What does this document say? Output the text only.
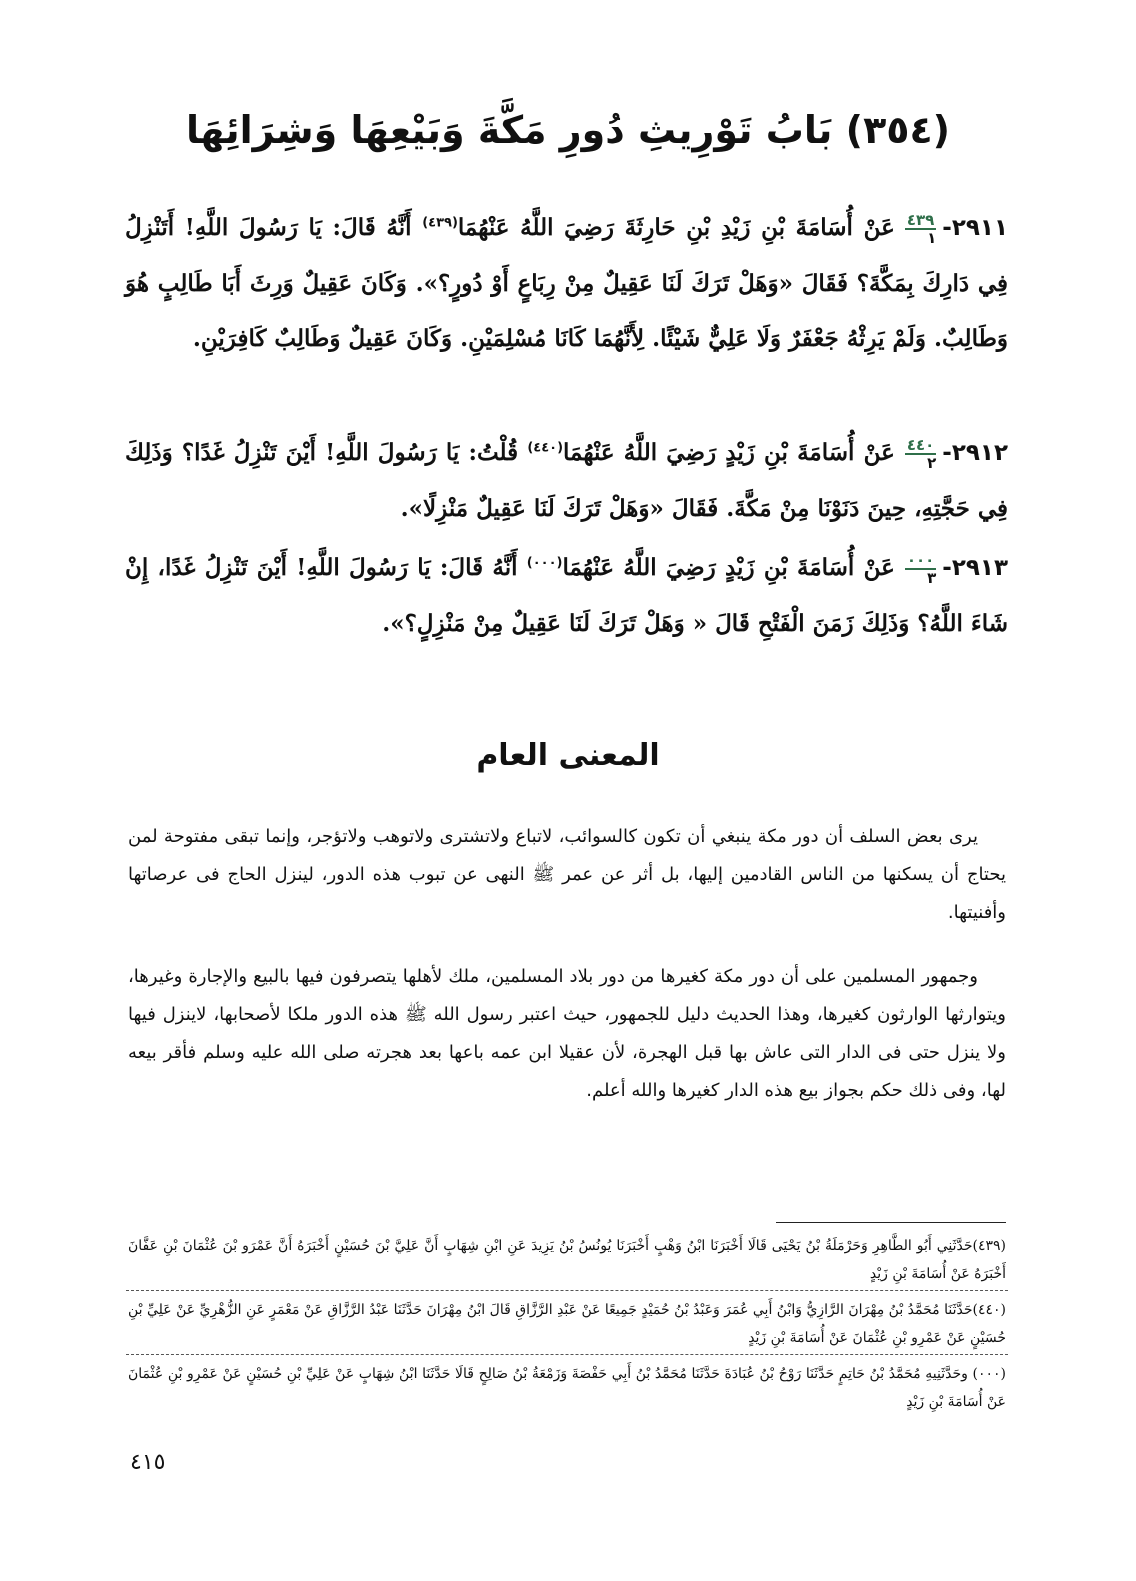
(٣٥٤) بَابُ تَوْرِيثِ دُورِ مَكَّةَ وَبَيْعِهَا وَشِرَائِهَا
٢٩١١-
٤٣٩
١
عَنْ أُسَامَةَ بْنِ زَيْدِ بْنِ حَارِثَةَ رَضِيَ اللَّهُ عَنْهُمَا$^{(٤٣٩)}$ أَنَّهُ قَالَ: يَا رَسُولَ اللَّهِ! أَتَنْزِلُ فِي دَارِكَ بِمَكَّةَ؟ فَقَالَ «وَهَلْ تَرَكَ لَنَا عَقِيلٌ مِنْ رِبَاعٍ أَوْ دُورٍ؟». وَكَانَ عَقِيلٌ وَرِثَ أَبَا طَالِبٍ هُوَ وَطَالِبٌ. وَلَمْ يَرِثْهُ جَعْفَرٌ وَلَا عَلِيٌّ شَيْئًا. لِأَنَّهُمَا كَانَا مُسْلِمَيْنِ. وَكَانَ عَقِيلٌ وَطَالِبٌ كَافِرَيْنِ.
٢٩١٢-
٤٤٠
٢
عَنْ أُسَامَةَ بْنِ زَيْدٍ رَضِيَ اللَّهُ عَنْهُمَا$^{(٤٤٠)}$ قُلْتُ: يَا رَسُولَ اللَّهِ! أَيْنَ تَنْزِلُ غَدًا؟ وَذَلِكَ فِي حَجَّتِهِ، حِينَ دَنَوْنَا مِنْ مَكَّةَ. فَقَالَ «وَهَلْ تَرَكَ لَنَا عَقِيلٌ مَنْزِلًا».
٢٩١٣-
٠٠٠
٣
عَنْ أُسَامَةَ بْنِ زَيْدٍ رَضِيَ اللَّهُ عَنْهُمَا$^{(٠٠٠)}$ أَنَّهُ قَالَ: يَا رَسُولَ اللَّهِ! أَيْنَ تَنْزِلُ غَدًا، إِنْ شَاءَ اللَّهُ؟ وَذَلِكَ زَمَنَ الْفَتْحِ قَالَ « وَهَلْ تَرَكَ لَنَا عَقِيلٌ مِنْ مَنْزِلٍ؟».
المعنى العام

يرى بعض السلف أن دور مكة ينبغي أن تكون كالسوائب، لاتباع ولاتشترى ولاتوهب ولاتؤجر، وإنما تبقى مفتوحة لمن يحتاج أن يسكنها من الناس القادمين إليها، بل أثر عن عمر ﷺ النهى عن تبوب هذه الدور، لينزل الحاج فى عرصاتها وأفنيتها.

وجمهور المسلمين على أن دور مكة كغيرها من دور بلاد المسلمين، ملك لأهلها يتصرفون فيها بالبيع والإجارة وغيرها، ويتوارثها الوارثون كغيرها، وهذا الحديث دليل للجمهور، حيث اعتبر رسول الله ﷺ هذه الدور ملكا لأصحابها، لاينزل فيها ولا ينزل حتى فى الدار التى عاش بها قبل الهجرة، لأن عقيلا ابن عمه باعها بعد هجرته صلى الله عليه وسلم فأقر بيعه لها، وفى ذلك حكم بجواز بيع هذه الدار كغيرها والله أعلم.

(٤٣٩)حَدَّثَنِي أَبُو الطَّاهِرِ وَحَرْمَلَةُ بْنُ يَحْيَى قَالَا أَخْبَرَنَا ابْنُ وَهْبٍ أَخْبَرَنَا يُونُسُ بْنُ يَزِيدَ عَنِ ابْنِ شِهَابٍ أَنَّ عَلِيَّ بْنَ حُسَيْنٍ أَخْبَرَهُ أَنَّ عَمْرَو بْنَ عُثْمَانَ بْنِ عَفَّانَ أَخْبَرَهُ عَنْ أُسَامَةَ بْنِ زَيْدٍ
(٤٤٠)حَدَّثَنَا مُحَمَّدُ بْنُ مِهْرَانَ الرَّازِيُّ وَابْنُ أَبِي عُمَرَ وَعَبْدُ بْنُ حُمَيْدٍ جَمِيعًا عَنْ عَبْدِ الرَّزَّاقِ قَالَ ابْنُ مِهْرَانَ حَدَّثَنَا عَبْدُ الرَّزَّاقِ عَنْ مَعْمَرٍ عَنِ الزُّهْرِيِّ عَنْ عَلِيِّ بْنِ حُسَيْنٍ عَنْ عَمْرِو بْنِ عُثْمَانَ عَنْ أُسَامَةَ بْنِ زَيْدٍ
(٠٠٠) وحَدَّثَنِيهِ مُحَمَّدُ بْنُ حَاتِمٍ حَدَّثَنَا رَوْحُ بْنُ عُبَادَةَ حَدَّثَنَا مُحَمَّدُ بْنُ أَبِي حَفْصَةَ وَزَمْعَةُ بْنُ صَالِحٍ قَالَا حَدَّثَنَا ابْنُ شِهَابٍ عَنْ عَلِيِّ بْنِ حُسَيْنٍ عَنْ عَمْرِو بْنِ عُثْمَانَ عَنْ أُسَامَةَ بْنِ زَيْدٍ
٤١٥
